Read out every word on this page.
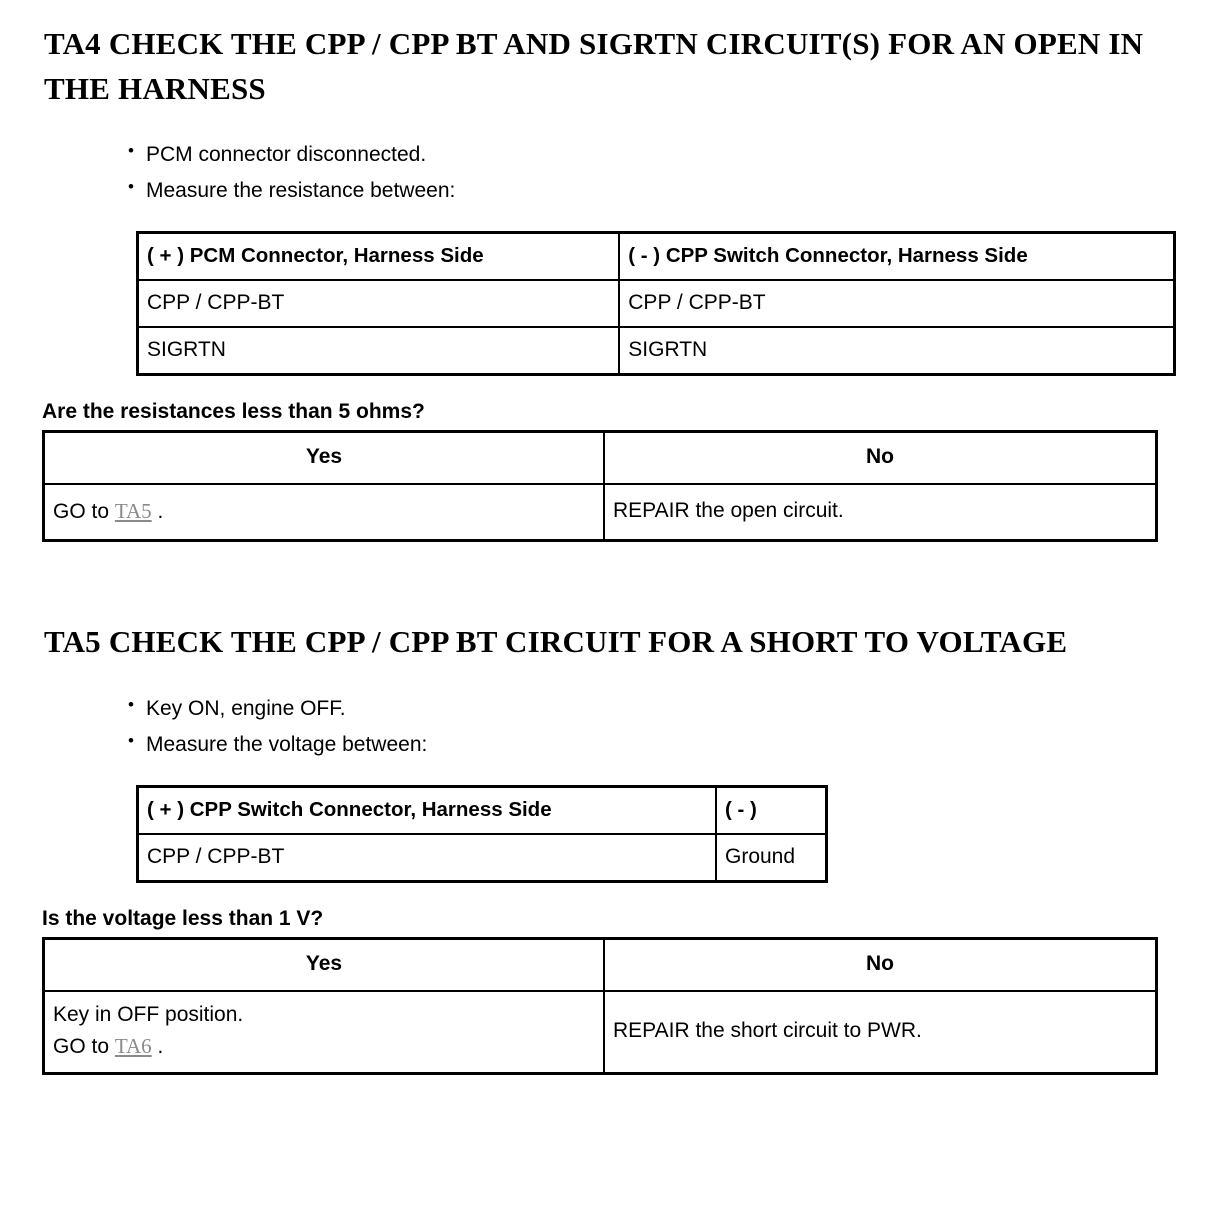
TA4 CHECK THE CPP / CPP BT AND SIGRTN CIRCUIT(S) FOR AN OPEN IN THE HARNESS
• PCM connector disconnected.
• Measure the resistance between:
( + ) PCM Connector, Harness Side	( - ) CPP Switch Connector, Harness Side
CPP / CPP-BT	CPP / CPP-BT
SIGRTN	SIGRTN
Are the resistances less than 5 ohms?
Yes	No
GO to TA5 .	REPAIR the open circuit.
TA5 CHECK THE CPP / CPP BT CIRCUIT FOR A SHORT TO VOLTAGE
• Key ON, engine OFF.
• Measure the voltage between:
( + ) CPP Switch Connector, Harness Side	( - )
CPP / CPP-BT	Ground
Is the voltage less than 1 V?
Yes	No
Key in OFF position.
GO to TA6 .	REPAIR the short circuit to PWR.
